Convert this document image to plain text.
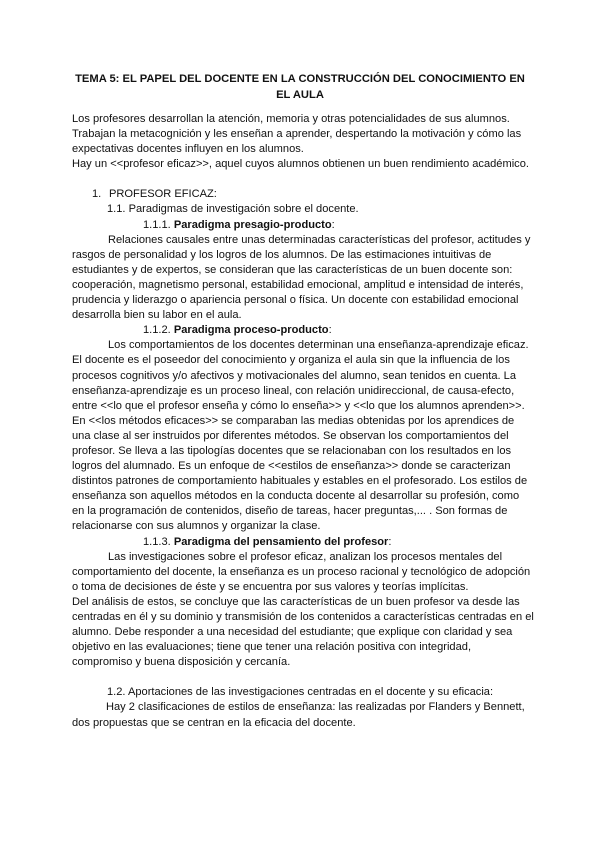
TEMA 5: EL PAPEL DEL DOCENTE EN LA CONSTRUCCIÓN DEL CONOCIMIENTO EN EL AULA

Los profesores desarrollan la atención, memoria y otras potencialidades de sus alumnos. Trabajan la metacognición y les enseñan a aprender, despertando la motivación y cómo las expectativas docentes influyen en los alumnos.

Hay un <<profesor eficaz>>, aquel cuyos alumnos obtienen un buen rendimiento académico.

1. PROFESOR EFICAZ:

1.1. Paradigmas de investigación sobre el docente.

1.1.1. Paradigma presagio-producto:

Relaciones causales entre unas determinadas características del profesor, actitudes y rasgos de personalidad y los logros de los alumnos. De las estimaciones intuitivas de estudiantes y de expertos, se consideran que las características de un buen docente son: cooperación, magnetismo personal, estabilidad emocional, amplitud e intensidad de interés, prudencia y liderazgo o apariencia personal o física. Un docente con estabilidad emocional desarrolla bien su labor en el aula.

1.1.2. Paradigma proceso-producto:

Los comportamientos de los docentes determinan una enseñanza-aprendizaje eficaz. El docente es el poseedor del conocimiento y organiza el aula sin que la influencia de los procesos cognitivos y/o afectivos y motivacionales del alumno, sean tenidos en cuenta. La enseñanza-aprendizaje es un proceso lineal, con relación unidireccional, de causa-efecto, entre <<lo que el profesor enseña y cómo lo enseña>> y <<lo que los alumnos aprenden>>.

En <<los métodos eficaces>> se comparaban las medias obtenidas por los aprendices de una clase al ser instruidos por diferentes métodos. Se observan los comportamientos del profesor. Se lleva a las tipologías docentes que se relacionaban con los resultados en los logros del alumnado. Es un enfoque de <<estilos de enseñanza>> donde se caracterizan distintos patrones de comportamiento habituales y estables en el profesorado. Los estilos de enseñanza son aquellos métodos en la conducta docente al desarrollar su profesión, como en la programación de contenidos, diseño de tareas, hacer preguntas,... . Son formas de relacionarse con sus alumnos y organizar la clase.

1.1.3. Paradigma del pensamiento del profesor:

Las investigaciones sobre el profesor eficaz, analizan los procesos mentales del comportamiento del docente, la enseñanza es un proceso racional y tecnológico de adopción o toma de decisiones de éste y se encuentra por sus valores y teorías implícitas.

Del análisis de estos, se concluye que las características de un buen profesor va desde las centradas en él y su dominio y transmisión de los contenidos a características centradas en el alumno. Debe responder a una necesidad del estudiante; que explique con claridad y sea objetivo en las evaluaciones; tiene que tener una relación positiva con integridad, compromiso y buena disposición y cercanía.

1.2. Aportaciones de las investigaciones centradas en el docente y su eficacia:

Hay 2 clasificaciones de estilos de enseñanza: las realizadas por Flanders y Bennett, dos propuestas que se centran en la eficacia del docente.
